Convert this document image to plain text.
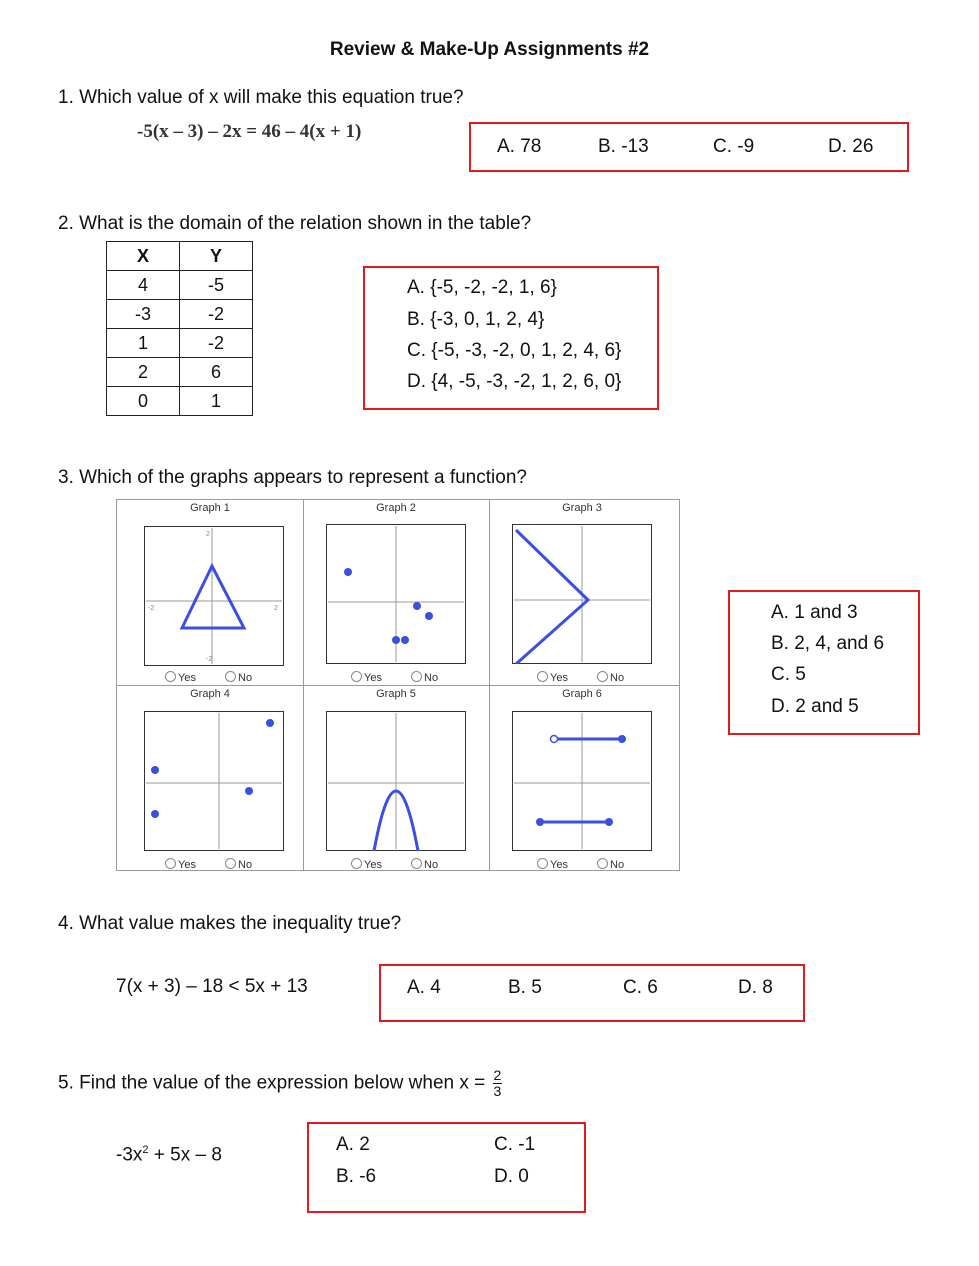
Review & Make-Up Assignments #2
1. Which value of x will make this equation true?
-5(x – 3) – 2x = 46 – 4(x + 1)
A. 78	B. -13	C. -9	D. 26
2. What is the domain of the relation shown in the table?
X	Y
4	-5
-3	-2
1	-2
2	6
0	1
A. {-5, -2, -2, 1, 6}
B. {-3, 0, 1, 2, 4}
C. {-5, -3, -2, 0, 1, 2, 4, 6}
D. {4, -5, -3, -2, 1, 2, 6, 0}
3. Which of the graphs appears to represent a function?
Graph 1
2
-2
-2	2
Yes	No
Graph 2
Yes	No
Graph 3
Yes	No
Graph 4
Yes	No
Graph 5
Yes	No
Graph 6
Yes	No
A. 1 and 3
B. 2, 4, and 6
C. 5
D. 2 and 5
4. What value makes the inequality true?
7(x + 3) – 18 < 5x + 13	A. 4	B. 5	C. 6	D. 8
5. Find the value of the expression below when $x = \frac{2}{3}$
$-3x^2 + 5x - 8$	A. 2
B. -6
C. -1
D. 0
